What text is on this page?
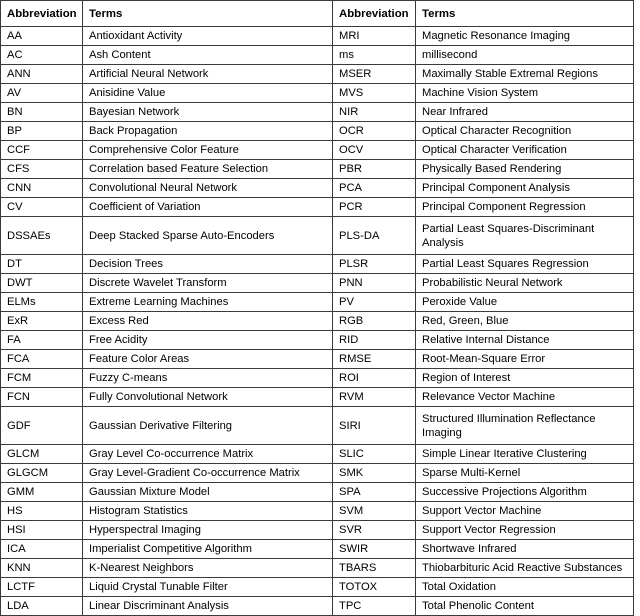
Abbreviation	Terms	Abbreviation	Terms
AA	Antioxidant Activity	MRI	Magnetic Resonance Imaging
AC	Ash Content	ms	millisecond
ANN	Artificial Neural Network	MSER	Maximally Stable Extremal Regions
AV	Anisidine Value	MVS	Machine Vision System
BN	Bayesian Network	NIR	Near Infrared
BP	Back Propagation	OCR	Optical Character Recognition
CCF	Comprehensive Color Feature	OCV	Optical Character Verification
CFS	Correlation based Feature Selection	PBR	Physically Based Rendering
CNN	Convolutional Neural Network	PCA	Principal Component Analysis
CV	Coefficient of Variation	PCR	Principal Component Regression
DSSAEs	Deep Stacked Sparse Auto-Encoders	PLS-DA	Partial Least Squares-Discriminant Analysis
DT	Decision Trees	PLSR	Partial Least Squares Regression
DWT	Discrete Wavelet Transform	PNN	Probabilistic Neural Network
ELMs	Extreme Learning Machines	PV	Peroxide Value
ExR	Excess Red	RGB	Red, Green, Blue
FA	Free Acidity	RID	Relative Internal Distance
FCA	Feature Color Areas	RMSE	Root-Mean-Square Error
FCM	Fuzzy C-means	ROI	Region of Interest
FCN	Fully Convolutional Network	RVM	Relevance Vector Machine
GDF	Gaussian Derivative Filtering	SIRI	Structured Illumination Reflectance Imaging
GLCM	Gray Level Co-occurrence Matrix	SLIC	Simple Linear Iterative Clustering
GLGCM	Gray Level-Gradient Co-occurrence Matrix	SMK	Sparse Multi-Kernel
GMM	Gaussian Mixture Model	SPA	Successive Projections Algorithm
HS	Histogram Statistics	SVM	Support Vector Machine
HSI	Hyperspectral Imaging	SVR	Support Vector Regression
ICA	Imperialist Competitive Algorithm	SWIR	Shortwave Infrared
KNN	K-Nearest Neighbors	TBARS	Thiobarbituric Acid Reactive Substances
LCTF	Liquid Crystal Tunable Filter	TOTOX	Total Oxidation
LDA	Linear Discriminant Analysis	TPC	Total Phenolic Content
